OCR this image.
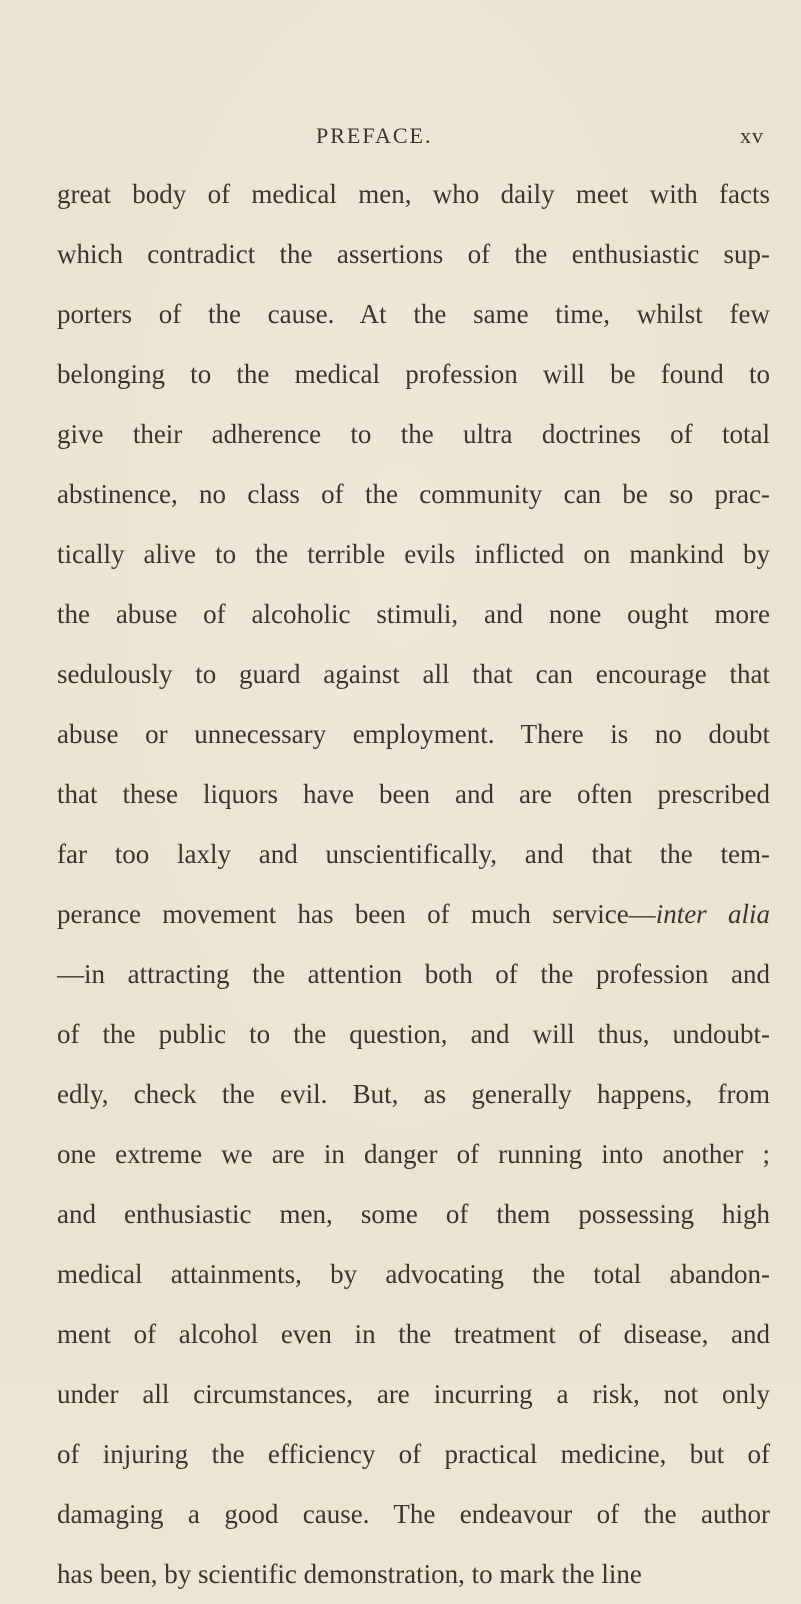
PREFACE.	xv
great body of medical men, who daily meet with facts
which contradict the assertions of the enthusiastic sup-
porters of the cause. At the same time, whilst few
belonging to the medical profession will be found to
give their adherence to the ultra doctrines of total
abstinence, no class of the community can be so prac-
tically alive to the terrible evils inflicted on mankind by
the abuse of alcoholic stimuli, and none ought more
sedulously to guard against all that can encourage that
abuse or unnecessary employment. There is no doubt
that these liquors have been and are often prescribed
far too laxly and unscientifically, and that the tem-
perance movement has been of much service—inter alia
—in attracting the attention both of the profession and
of the public to the question, and will thus, undoubt-
edly, check the evil. But, as generally happens, from
one extreme we are in danger of running into another ;
and enthusiastic men, some of them possessing high
medical attainments, by advocating the total abandon-
ment of alcohol even in the treatment of disease, and
under all circumstances, are incurring a risk, not only
of injuring the efficiency of practical medicine, but of
damaging a good cause. The endeavour of the author
has been, by scientific demonstration, to mark the line
